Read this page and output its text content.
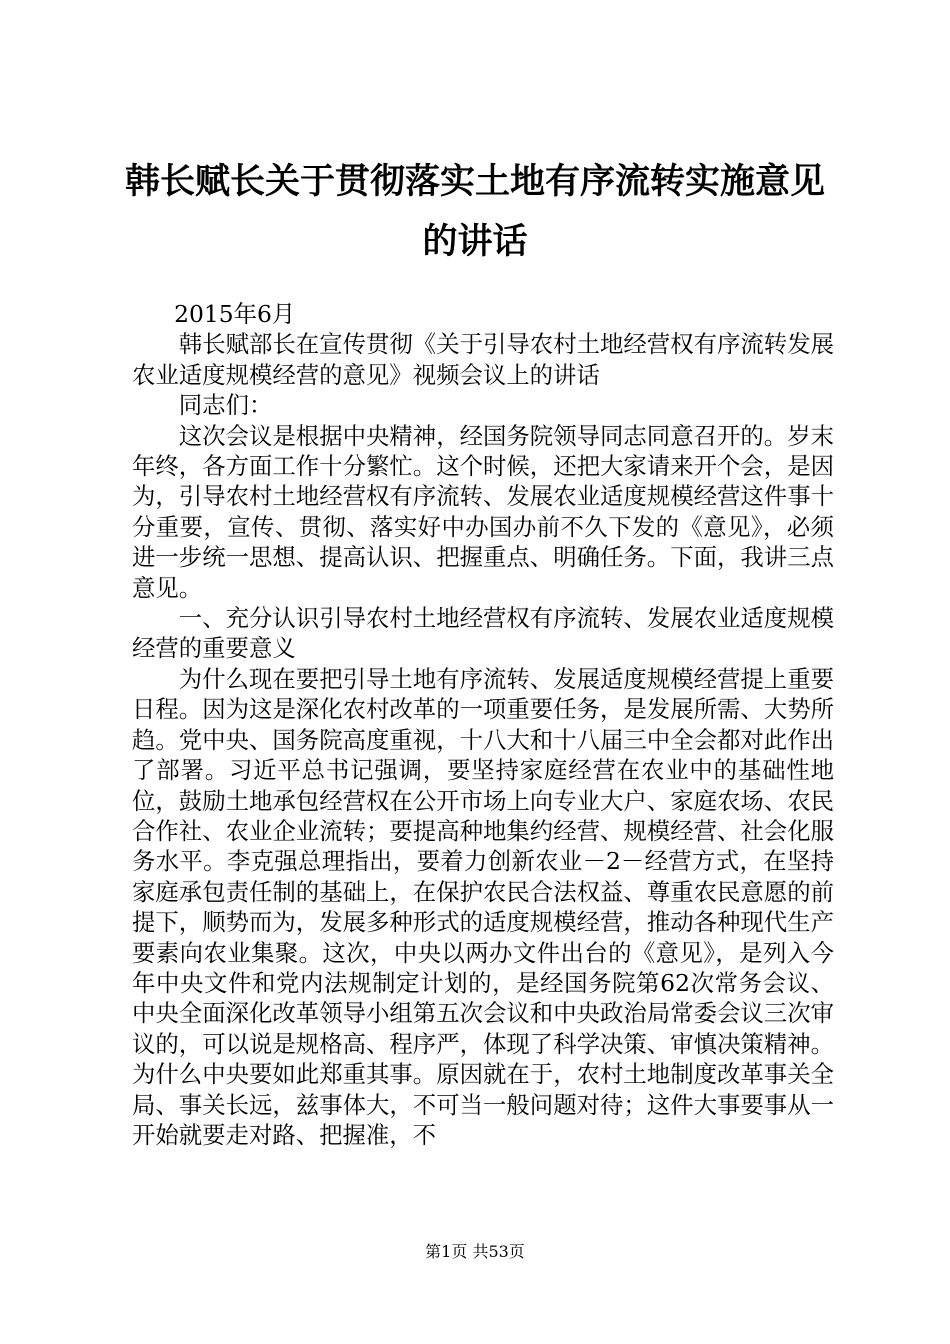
韩长赋长关于贯彻落实土地有序流转实施意见
的讲话

2015年6月

韩长赋部长在宣传贯彻《关于引导农村土地经营权有序流转发展农业适度规模经营的意见》视频会议上的讲话

同志们：

这次会议是根据中央精神，经国务院领导同志同意召开的。岁末年终，各方面工作十分繁忙。这个时候，还把大家请来开个会，是因为，引导农村土地经营权有序流转、发展农业适度规模经营这件事十分重要，宣传、贯彻、落实好中办国办前不久下发的《意见》，必须进一步统一思想、提高认识、把握重点、明确任务。下面，我讲三点意见。

一、充分认识引导农村土地经营权有序流转、发展农业适度规模经营的重要意义

为什么现在要把引导土地有序流转、发展适度规模经营提上重要日程。因为这是深化农村改革的一项重要任务，是发展所需、大势所趋。党中央、国务院高度重视，十八大和十八届三中全会都对此作出了部署。习近平总书记强调，要坚持家庭经营在农业中的基础性地位，鼓励土地承包经营权在公开市场上向专业大户、家庭农场、农民合作社、农业企业流转；要提高种地集约经营、规模经营、社会化服务水平。李克强总理指出，要着力创新农业－2－经营方式，在坚持家庭承包责任制的基础上，在保护农民合法权益、尊重农民意愿的前提下，顺势而为，发展多种形式的适度规模经营，推动各种现代生产要素向农业集聚。这次，中央以两办文件出台的《意见》，是列入今年中央文件和党内法规制定计划的，是经国务院第62次常务会议、中央全面深化改革领导小组第五次会议和中央政治局常委会议三次审议的，可以说是规格高、程序严，体现了科学决策、审慎决策精神。为什么中央要如此郑重其事。原因就在于，农村土地制度改革事关全局、事关长远，兹事体大，不可当一般问题对待；这件大事要事从一开始就要走对路、把握准，不

第1页 共53页
